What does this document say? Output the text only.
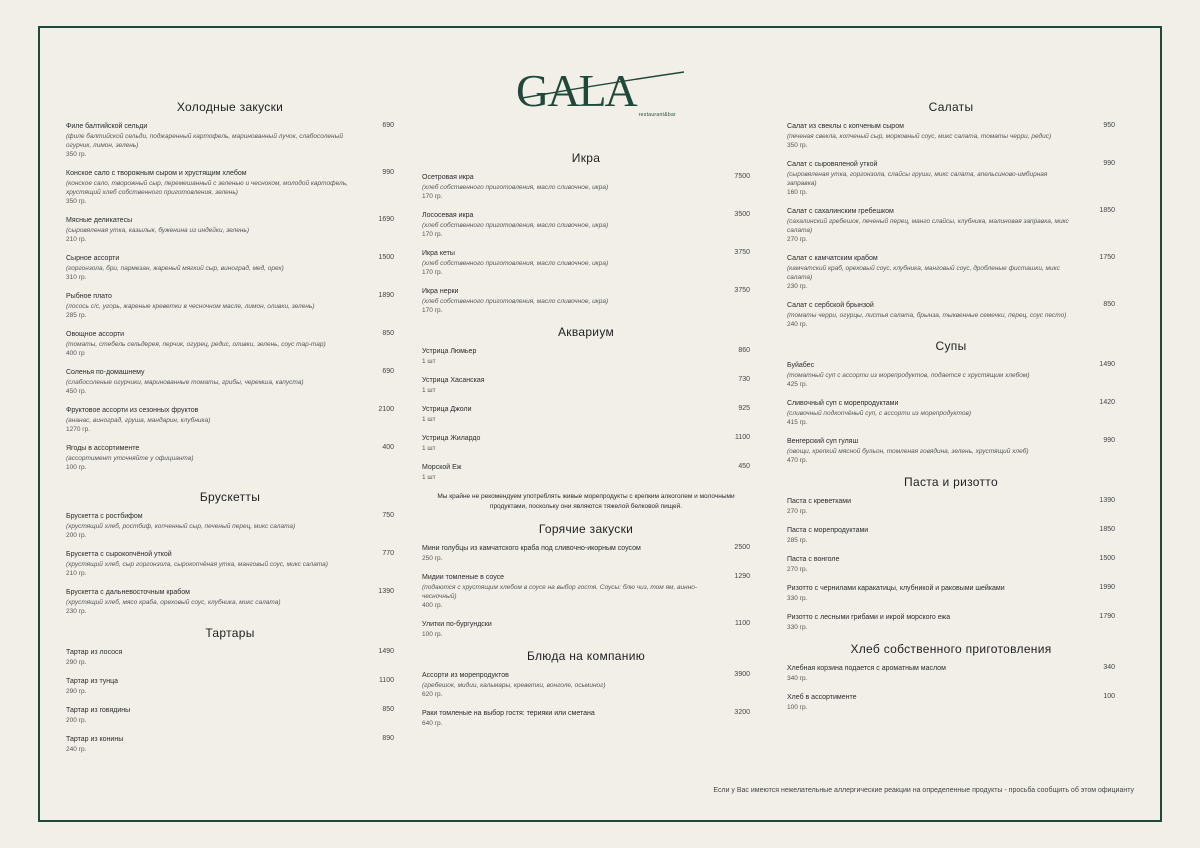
GALA restaurant&bar
Холодные закуски
Филе балтийской сельди
(филе балтийской сельди, поджаренный картофель, маринованный лучок, слабосоленый огурчик, лимон, зелень)
350 гр.
690
Конское сало с творожным сыром и хрустящим хлебом
(конское сало, творожный сыр, перемешанный с зеленью и чесноком, молодой картофель, хрустящий хлеб собственного приготовления, зелень)
350 гр.
990
Мясные деликатесы
(сыровяленая утка, казылык, буженина из индейки, зелень)
210 гр.
1690
Сырное ассорти
(горгонзола, бри, пармезан, жареный мягкий сыр, виноград, мед, орех)
310 гр.
1500
Рыбное плато
(лосось с/с, угорь, жареные креветки в чесночном масле, лимон, оливки, зелень)
285 гр.
1890
Овощное ассорти
(томаты, стебель сельдерея, перчик, огурец, редис, оливки, зелень, соус тар-тар)
400 гр
850
Соленья по-домашнему
(слабосоленые огурчики, маринованные томаты, грибы, черемша, капуста)
450 гр.
690
Фруктовое ассорти из сезонных фруктов
(ананас, виноград, груша, мандарин, клубника)
1270 гр.
2100
Ягоды в ассортименте
(ассортимент уточняйте у официанта)
100 гр.
400
Брускетты
Брускетта с ростбифом
(хрустящий хлеб, ростбиф, копченный сыр, печеный перец, микс салата)
200 гр.
750
Брускетта с сырокопчёной уткой
(хрустящий хлеб, сыр горгонзола, сырокопчёная утка, манговый соус, микс салата)
210 гр.
770
Брускетта с дальневосточным крабом
(хрустящий хлеб, мясо краба, ореховый соус, клубника, микс салата)
230 гр.
1390
Тартары
Тартар из лосося
290 гр.
1490
Тартар из тунца
290 гр.
1100
Тартар из говядины
200 гр.
850
Тартар из конины
240 гр.
890
Икра
Осетровая икра
(хлеб собственного приготовления, масло сливочное, икра)
170 гр.
7500
Лососевая икра
(хлеб собственного приготовления, масло сливочное, икра)
170 гр.
3500
Икра кеты
(хлеб собственного приготовления, масло сливочное, икра)
170 гр.
3750
Икра нерки
(хлеб собственного приготовления, масло сливочное, икра)
170 гр.
3750
Аквариум
Устрица Люмьер
1 шт
860
Устрица Хасанская
1 шт
730
Устрица Джоли
1 шт
925
Устрица Жилардо
1 шт
1100
Морской Еж
1 шт
450
Мы крайне не рекомендуем употреблять живые морепродукты с крепким алкоголем и молочными продуктами, поскольку они являются тяжелой белковой пищей.
Горячие закуски
Мини голубцы из камчатского краба под сливочно-икорным соусом
250 гр.
2500
Мидии томленые в соусе
(подаются с хрустящим хлебом в соусе на выбор гостя. Соусы: блю чиз, том ям, винно-чесночный)
400 гр.
1290
Улитки по-бургундски
100 гр.
1100
Блюда на компанию
Ассорти из морепродуктов
(гребешок, мидии, кальмары, креветки, вонголе, осьминог)
620 гр.
3900
Раки томленые на выбор гостя: терияки или сметана
640 гр.
3200
Салаты
Салат из свеклы с копченым сыром
(печеная свекла, копченый сыр, морковный соус, микс салата, томаты черри, редис)
350 гр.
950
Салат с сыровяленой уткой
(сыровяленая утка, горгонзола, слайсы груши, микс салата, апельсиново-имбирная заправка)
160 гр.
990
Салат с сахалинским гребешком
(сахалинский гребешок, печеный перец, манго слайсы, клубника, малиновая заправка, микс салата)
270 гр.
1850
Салат с камчатским крабом
(камчатский краб, ореховый соус, клубника, манговый соус, дробленые фисташки, микс салата)
230 гр.
1750
Салат с сербской брынзой
(томаты черри, огурцы, листья салата, брынза, тыквенные семечки, перец, соус песто)
240 гр.
850
Супы
Буйабес
(томатный суп с ассорти из морепродуктов, подается с хрустящим хлебом)
425 гр.
1490
Сливочный суп с морепродуктами
(сливочный подкопчёный суп, с ассорти из морепродуктов)
415 гр.
1420
Венгерский суп гуляш
(овощи, крепкий мясной бульон, томленая говядина, зелень, хрустящий хлеб)
470 гр.
990
Паста и ризотто
Паста с креветками
270 гр.
1390
Паста с морепродуктами
285 гр.
1850
Паста с вонголе
270 гр.
1500
Ризотто с чернилами каракатицы, клубникой и раковыми шейками
330 гр.
1990
Ризотто с лесными грибами и икрой морского ежа
330 гр.
1790
Хлеб собственного приготовления
Хлебная корзина подается с ароматным маслом
340 гр.
340
Хлеб в ассортименте
100 гр.
100
Если у Вас имеются нежелательные аллергические реакции на определенные продукты - просьба сообщить об этом официанту
